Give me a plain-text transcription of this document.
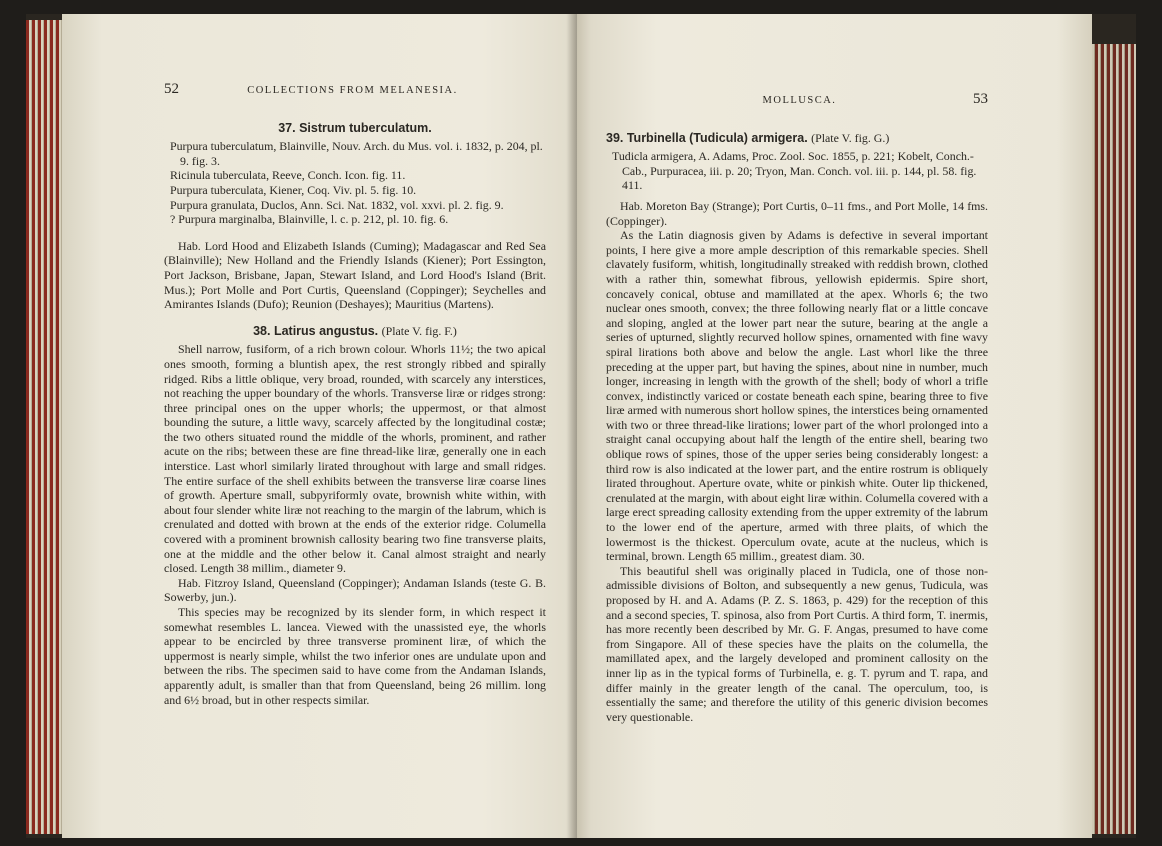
52	COLLECTIONS FROM MELANESIA.
37. Sistrum tuberculatum.

Purpura tuberculatum, Blainville, Nouv. Arch. du Mus. vol. i. 1832, p. 204, pl. 9. fig. 3.

Ricinula tuberculata, Reeve, Conch. Icon. fig. 11.

Purpura tuberculata, Kiener, Coq. Viv. pl. 5. fig. 10.

Purpura granulata, Duclos, Ann. Sci. Nat. 1832, vol. xxvi. pl. 2. fig. 9.

? Purpura marginalba, Blainville, l. c. p. 212, pl. 10. fig. 6.

Hab. Lord Hood and Elizabeth Islands (Cuming); Madagascar and Red Sea (Blainville); New Holland and the Friendly Islands (Kiener); Port Essington, Port Jackson, Brisbane, Japan, Stewart Island, and Lord Hood's Island (Brit. Mus.); Port Molle and Port Curtis, Queensland (Coppinger); Seychelles and Amirantes Islands (Dufo); Reunion (Deshayes); Mauritius (Martens).

38. Latirus angustus. (Plate V. fig. F.)

Shell narrow, fusiform, of a rich brown colour. Whorls 11½; the two apical ones smooth, forming a bluntish apex, the rest strongly ribbed and spirally ridged. Ribs a little oblique, very broad, rounded, with scarcely any interstices, not reaching the upper boundary of the whorls. Transverse liræ or ridges strong: three principal ones on the upper whorls; the uppermost, or that almost bounding the suture, a little wavy, scarcely affected by the longitudinal costæ; the two others situated round the middle of the whorls, prominent, and rather acute on the ribs; between these are fine thread-like liræ, generally one in each interstice. Last whorl similarly lirated throughout with large and small ridges. The entire surface of the shell exhibits between the transverse liræ coarse lines of growth. Aperture small, subpyriformly ovate, brownish white within, with about four slender white liræ not reaching to the margin of the labrum, which is crenulated and dotted with brown at the ends of the exterior ridge. Columella covered with a prominent brownish callosity bearing two fine transverse plaits, one at the middle and the other below it. Canal almost straight and nearly closed. Length 38 millim., diameter 9.

Hab. Fitzroy Island, Queensland (Coppinger); Andaman Islands (teste G. B. Sowerby, jun.).

This species may be recognized by its slender form, in which respect it somewhat resembles L. lancea. Viewed with the unassisted eye, the whorls appear to be encircled by three transverse prominent liræ, of which the uppermost is nearly simple, whilst the two inferior ones are undulate upon and between the ribs. The specimen said to have come from the Andaman Islands, apparently adult, is smaller than that from Queensland, being 26 millim. long and 6½ broad, but in other respects similar.

MOLLUSCA.	53
39. Turbinella (Tudicula) armigera. (Plate V. fig. G.)

Tudicla armigera, A. Adams, Proc. Zool. Soc. 1855, p. 221; Kobelt, Conch.-Cab., Purpuracea, iii. p. 20; Tryon, Man. Conch. vol. iii. p. 144, pl. 58. fig. 411.

Hab. Moreton Bay (Strange); Port Curtis, 0–11 fms., and Port Molle, 14 fms. (Coppinger).

As the Latin diagnosis given by Adams is defective in several important points, I here give a more ample description of this remarkable species. Shell clavately fusiform, whitish, longitudinally streaked with reddish brown, clothed with a rather thin, somewhat fibrous, yellowish epidermis. Spire short, concavely conical, obtuse and mamillated at the apex. Whorls 6; the two nuclear ones smooth, convex; the three following nearly flat or a little concave and sloping, angled at the lower part near the suture, bearing at the angle a series of upturned, slightly recurved hollow spines, ornamented with fine wavy spiral lirations both above and below the angle. Last whorl like the three preceding at the upper part, but having the spines, about nine in number, much longer, increasing in length with the growth of the shell; body of whorl a trifle convex, indistinctly variced or costate beneath each spine, bearing three to five liræ armed with numerous short hollow spines, the interstices being ornamented with two or three thread-like lirations; lower part of the whorl prolonged into a straight canal occupying about half the length of the entire shell, bearing two oblique rows of spines, those of the upper series being considerably longest: a third row is also indicated at the lower part, and the entire rostrum is obliquely lirated throughout. Aperture ovate, white or pinkish white. Outer lip thickened, crenulated at the margin, with about eight liræ within. Columella covered with a large erect spreading callosity extending from the upper extremity of the labrum to the lower end of the aperture, armed with three plaits, of which the lowermost is the thickest. Operculum ovate, acute at the nucleus, which is terminal, brown. Length 65 millim., greatest diam. 30.

This beautiful shell was originally placed in Tudicla, one of those non-admissible divisions of Bolton, and subsequently a new genus, Tudicula, was proposed by H. and A. Adams (P. Z. S. 1863, p. 429) for the reception of this and a second species, T. spinosa, also from Port Curtis. A third form, T. inermis, has more recently been described by Mr. G. F. Angas, presumed to have come from Singapore. All of these species have the plaits on the columella, the mamillated apex, and the largely developed and prominent callosity on the inner lip as in the typical forms of Turbinella, e. g. T. pyrum and T. rapa, and differ mainly in the greater length of the canal. The operculum, too, is essentially the same; and therefore the utility of this generic division becomes very questionable.
